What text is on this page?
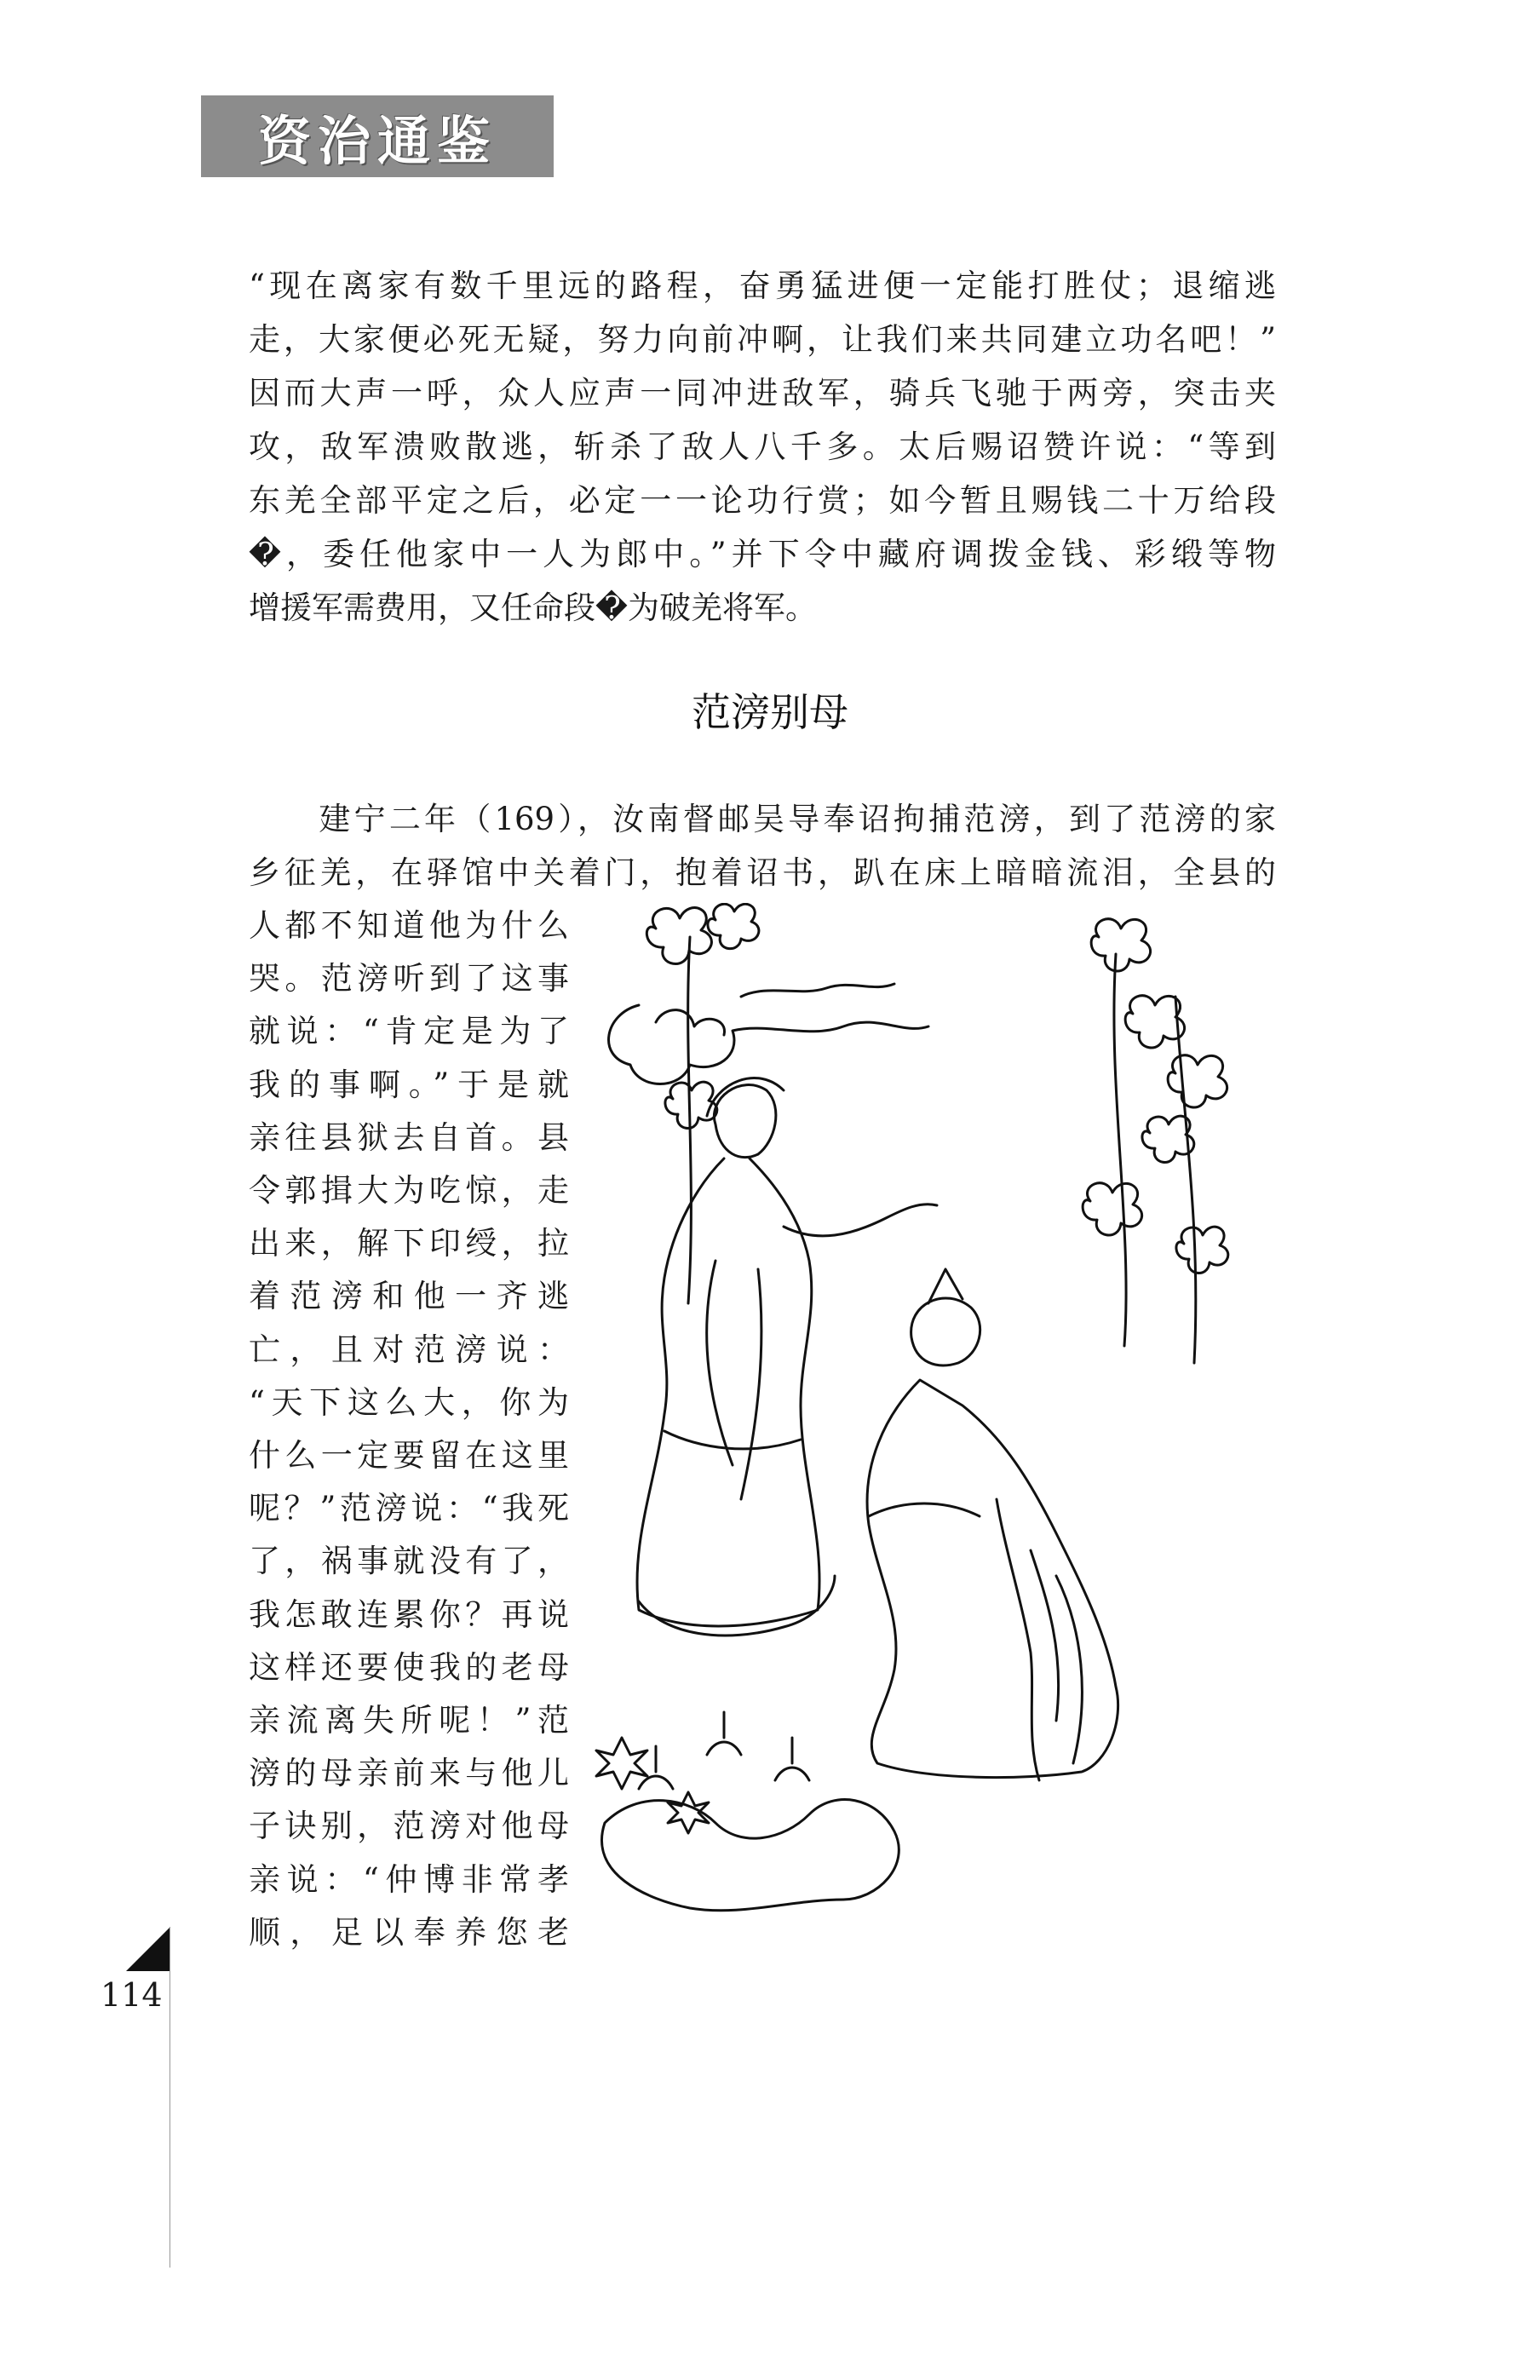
资治通鉴
“现在离家有数千里远的路程，奋勇猛进便一定能打胜仗；退缩逃
走，大家便必死无疑，努力向前冲啊，让我们来共同建立功名吧！”
因而大声一呼，众人应声一同冲进敌军，骑兵飞驰于两旁，突击夹
攻，敌军溃败散逃，斩杀了敌人八千多。太后赐诏赞许说：“等到
东羌全部平定之后，必定一一论功行赏；如今暂且赐钱二十万给段
�，委任他家中一人为郎中。”并下令中藏府调拨金钱、彩缎等物
增援军需费用，又任命段�为破羌将军。
范滂别母
　　建宁二年（169），汝南督邮吴导奉诏拘捕范滂，到了范滂的家
乡征羌，在驿馆中关着门，抱着诏书，趴在床上暗暗流泪，全县的
人都不知道他为什么
哭。范滂听到了这事
就说：“肯定是为了
我的事啊。”于是就
亲往县狱去自首。县
令郭揖大为吃惊，走
出来，解下印绶，拉
着范滂和他一齐逃
亡，且对范滂说：
“天下这么大，你为
什么一定要留在这里
呢？”范滂说：“我死
了，祸事就没有了，
我怎敢连累你？再说
这样还要使我的老母
亲流离失所呢！”范
滂的母亲前来与他儿
子诀别，范滂对他母
亲说：“仲博非常孝
顺，足以奉养您老
114
